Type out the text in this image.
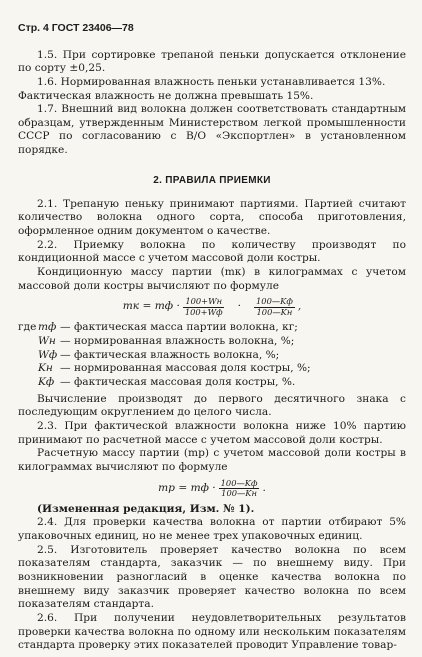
Стр. 4 ГОСТ 23406—78

1.5. При сортировке трепаной пеньки допускается отклонение по сорту ±0,25.

1.6. Нормированная влажность пеньки устанавливается 13%.

Фактическая влажность не должна превышать 15%.

1.7. Внешний вид волокна должен соответствовать стандартным образцам, утвержденным Министерством легкой промышленности СССР по согласованию с В/О «Экспортлен» в установленном порядке.

2. ПРАВИЛА ПРИЕМКИ

2.1. Трепаную пеньку принимают партиями. Партией считают количество волокна одного сорта, способа приготовления, оформленное одним документом о качестве.

2.2. Приемку волокна по количеству производят по кондиционной массе с учетом массовой доли костры.

Кондиционную массу партии (mк) в килограммах с учетом массовой доли костры вычисляют по формуле

mк = mф · $\frac{100+Wн}{100+Wф} \cdot \frac{100—Kф}{100—Kн}$ ,
где mф — фактическая масса партии волокна, кг;
Wн — нормированная влажность волокна, %;
Wф — фактическая влажность волокна, %;
Kн — нормированная массовая доля костры, %;
Kф — фактическая массовая доля костры, %.

Вычисление производят до первого десятичного знака с последующим округлением до целого числа.

2.3. При фактической влажности волокна ниже 10% партию принимают по расчетной массе с учетом массовой доли костры.

Расчетную массу партии (mр) с учетом массовой доли костры в килограммах вычисляют по формуле

mр = mф · $\frac{100—Kф}{100—Kн}$ .

(Измененная редакция, Изм. № 1).

2.4. Для проверки качества волокна от партии отбирают 5% упаковочных единиц, но не менее трех упаковочных единиц.

2.5. Изготовитель проверяет качество волокна по всем показателям стандарта, заказчик — по внешнему виду. При возникновении разногласий в оценке качества волокна по внешнему виду заказчик проверяет качество волокна по всем показателям стандарта.

2.6. При получении неудовлетворительных результатов проверки качества волокна по одному или нескольким показателям стандарта проверку этих показателей проводит Управление товар-
